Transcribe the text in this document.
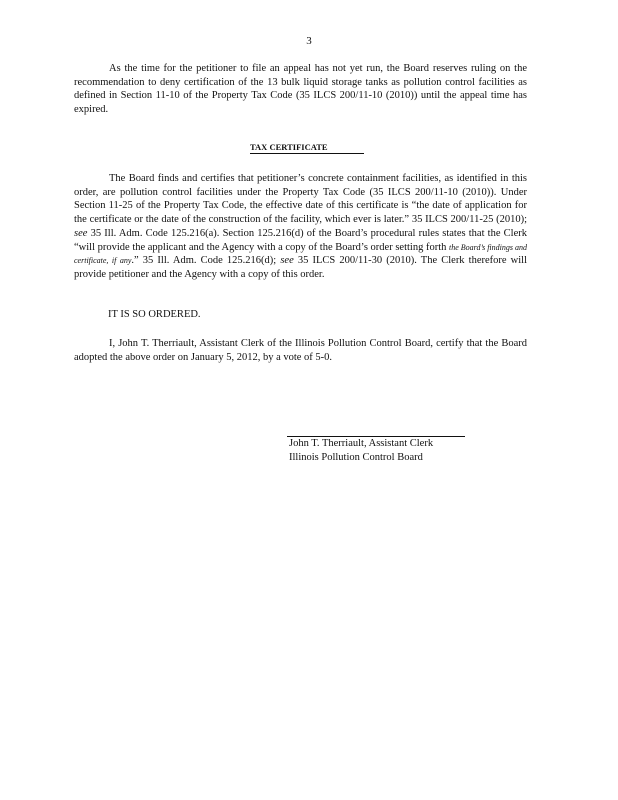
3

As the time for the petitioner to file an appeal has not yet run, the Board reserves ruling on the recommendation to deny certification of the 13 bulk liquid storage tanks as pollution control facilities as defined in Section 11-10 of the Property Tax Code (35 ILCS 200/11-10 (2010)) until the appeal time has expired.

TAX CERTIFICATE

The Board finds and certifies that petitioner’s concrete containment facilities, as identified in this order, are pollution control facilities under the Property Tax Code (35 ILCS 200/11-10 (2010)). Under Section 11-25 of the Property Tax Code, the effective date of this certificate is “the date of application for the certificate or the date of the construction of the facility, which ever is later.” 35 ILCS 200/11-25 (2010); see 35 Ill. Adm. Code 125.216(a). Section 125.216(d) of the Board’s procedural rules states that the Clerk “will provide the applicant and the Agency with a copy of the Board’s order setting forth the Board’s findings and certificate, if any.” 35 Ill. Adm. Code 125.216(d); see 35 ILCS 200/11-30 (2010). The Clerk therefore will provide petitioner and the Agency with a copy of this order.

IT IS SO ORDERED.

I, John T. Therriault, Assistant Clerk of the Illinois Pollution Control Board, certify that the Board adopted the above order on January 5, 2012, by a vote of 5-0.

John T. Therriault, Assistant Clerk
Illinois Pollution Control Board
